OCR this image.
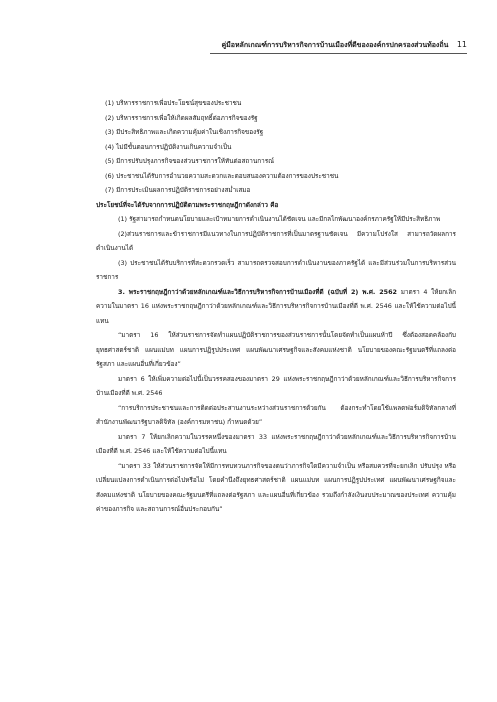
คู่มือหลักเกณฑ์การบริหารกิจการบ้านเมืองที่ดีขององค์กรปกครองส่วนท้องถิ่น 11

(1) บริหารราชการเพื่อประโยชน์สุขของประชาชน

(2) บริหารราชการเพื่อให้เกิดผลสัมฤทธิ์ต่อภารกิจของรัฐ

(3) มีประสิทธิภาพและเกิดความคุ้มค่าในเชิงภารกิจของรัฐ

(4) ไม่มีขั้นตอนการปฏิบัติงานเกินความจำเป็น

(5) มีการปรับปรุงภารกิจของส่วนราชการให้ทันต่อสถานการณ์

(6) ประชาชนได้รับการอำนวยความสะดวกและตอบสนองความต้องการของประชาชน

(7) มีการประเมินผลการปฏิบัติราชการอย่างสม่ำเสมอ

ประโยชน์ที่จะได้รับจากการปฏิบัติตามพระราชกฤษฎีกาดังกล่าว คือ

(1) รัฐสามารถกำหนดนโยบายและเป้าหมายการดำเนินงานได้ชัดเจน และมีกลไกพัฒนาองค์กรภาครัฐให้มีประสิทธิภาพ

(2)ส่วนราชการและข้าราชการมีแนวทางในการปฏิบัติราชการที่เป็นมาตรฐานชัดเจน มีความโปร่งใส สามารถวัดผลการดำเนินงานได้

(3) ประชาชนได้รับบริการที่สะดวกรวดเร็ว สามารถตรวจสอบการดำเนินงานของภาครัฐได้ และมีส่วนร่วมในการบริหารส่วนราชการ

3. พระราชกฤษฎีกาว่าด้วยหลักเกณฑ์และวิธีการบริหารกิจการบ้านเมืองที่ดี (ฉบับที่ 2) พ.ศ. 2562 มาตรา 4 ให้ยกเลิกความในมาตรา 16 แห่งพระราชกฤษฎีกาว่าด้วยหลักเกณฑ์และวิธีการบริหารกิจการบ้านเมืองที่ดี พ.ศ. 2546 และให้ใช้ความต่อไปนี้แทน

“มาตรา 16 ให้ส่วนราชการจัดทำแผนปฏิบัติราชการของส่วนราชการนั้นโดยจัดทำเป็นแผนห้าปี ซึ่งต้องสอดคล้องกับยุทธศาสตร์ชาติ แผนแม่บท แผนการปฏิรูปประเทศ แผนพัฒนาเศรษฐกิจและสังคมแห่งชาติ นโยบายของคณะรัฐมนตรีที่แถลงต่อรัฐสภา และแผนอื่นที่เกี่ยวข้อง”

มาตรา 6 ให้เพิ่มความต่อไปนี้เป็นวรรคสองของมาตรา 29 แห่งพระราชกฤษฎีกาว่าด้วยหลักเกณฑ์และวิธีการบริหารกิจการบ้านเมืองที่ดี พ.ศ. 2546

“การบริการประชาชนและการติดต่อประสานงานระหว่างส่วนราชการด้วยกัน ต้องกระทำโดยใช้แพลตฟอร์มดิจิทัลกลางที่สำนักงานพัฒนารัฐบาลดิจิทัล (องค์การมหาชน) กำหนดด้วย”

มาตรา 7 ให้ยกเลิกความในวรรคหนึ่งของมาตรา 33 แห่งพระราชกฤษฎีกาว่าด้วยหลักเกณฑ์และวิธีการบริหารกิจการบ้านเมืองที่ดี พ.ศ. 2546 และให้ใช้ความต่อไปนี้แทน

“มาตรา 33 ให้ส่วนราชการจัดให้มีการทบทวนภารกิจของตนว่าภารกิจใดมีความจำเป็น หรือสมควรที่จะยกเลิก ปรับปรุง หรือเปลี่ยนแปลงการดำเนินการต่อไปหรือไม่ โดยคำนึงถึงยุทธศาสตร์ชาติ แผนแม่บท แผนการปฏิรูปประเทศ แผนพัฒนาเศรษฐกิจและสังคมแห่งชาติ นโยบายของคณะรัฐมนตรีที่แถลงต่อรัฐสภา และแผนอื่นที่เกี่ยวข้อง รวมถึงกำลังเงินงบประมาณของประเทศ ความคุ้มค่าของภารกิจ และสถานการณ์อื่นประกอบกัน”
